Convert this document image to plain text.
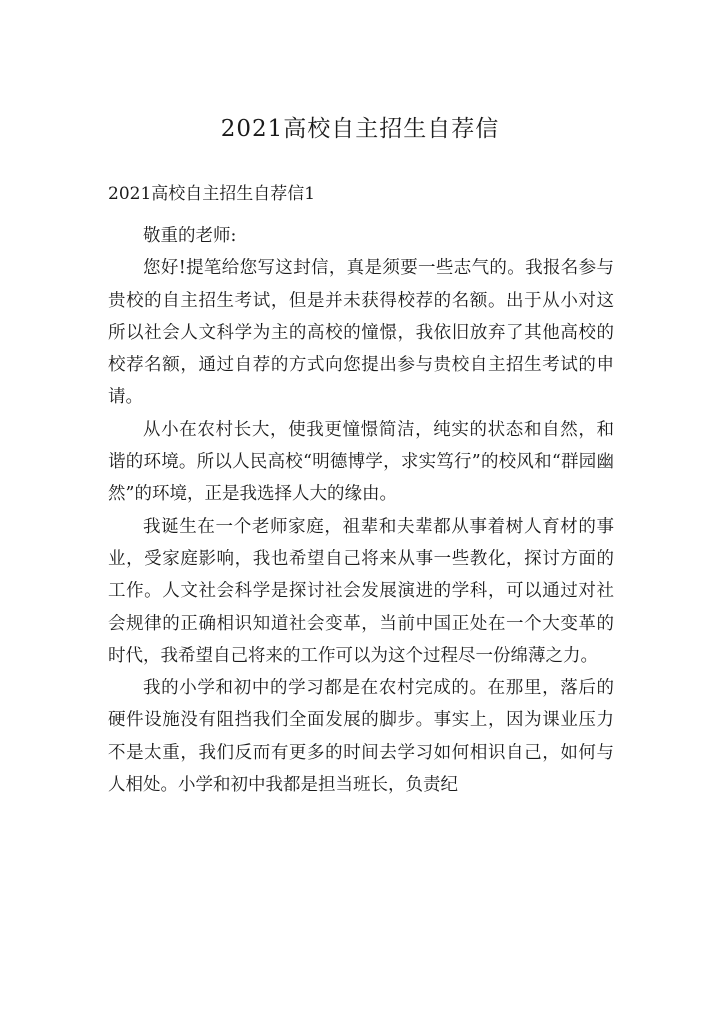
2021高校自主招生自荐信
2021高校自主招生自荐信1

敬重的老师:

您好!提笔给您写这封信，真是须要一些志气的。我报名参与贵校的自主招生考试，但是并未获得校荐的名额。出于从小对这所以社会人文科学为主的高校的憧憬，我依旧放弃了其他高校的校荐名额，通过自荐的方式向您提出参与贵校自主招生考试的申请。

从小在农村长大，使我更憧憬简洁，纯实的状态和自然，和谐的环境。所以人民高校“明德博学，求实笃行”的校风和“群园幽然”的环境，正是我选择人大的缘由。

我诞生在一个老师家庭，祖辈和夫辈都从事着树人育材的事业，受家庭影响，我也希望自己将来从事一些教化，探讨方面的工作。人文社会科学是探讨社会发展演进的学科，可以通过对社会规律的正确相识知道社会变革，当前中国正处在一个大变革的时代，我希望自己将来的工作可以为这个过程尽一份绵薄之力。

我的小学和初中的学习都是在农村完成的。在那里，落后的硬件设施没有阻挡我们全面发展的脚步。事实上，因为课业压力不是太重，我们反而有更多的时间去学习如何相识自己，如何与人相处。小学和初中我都是担当班长，负责纪
